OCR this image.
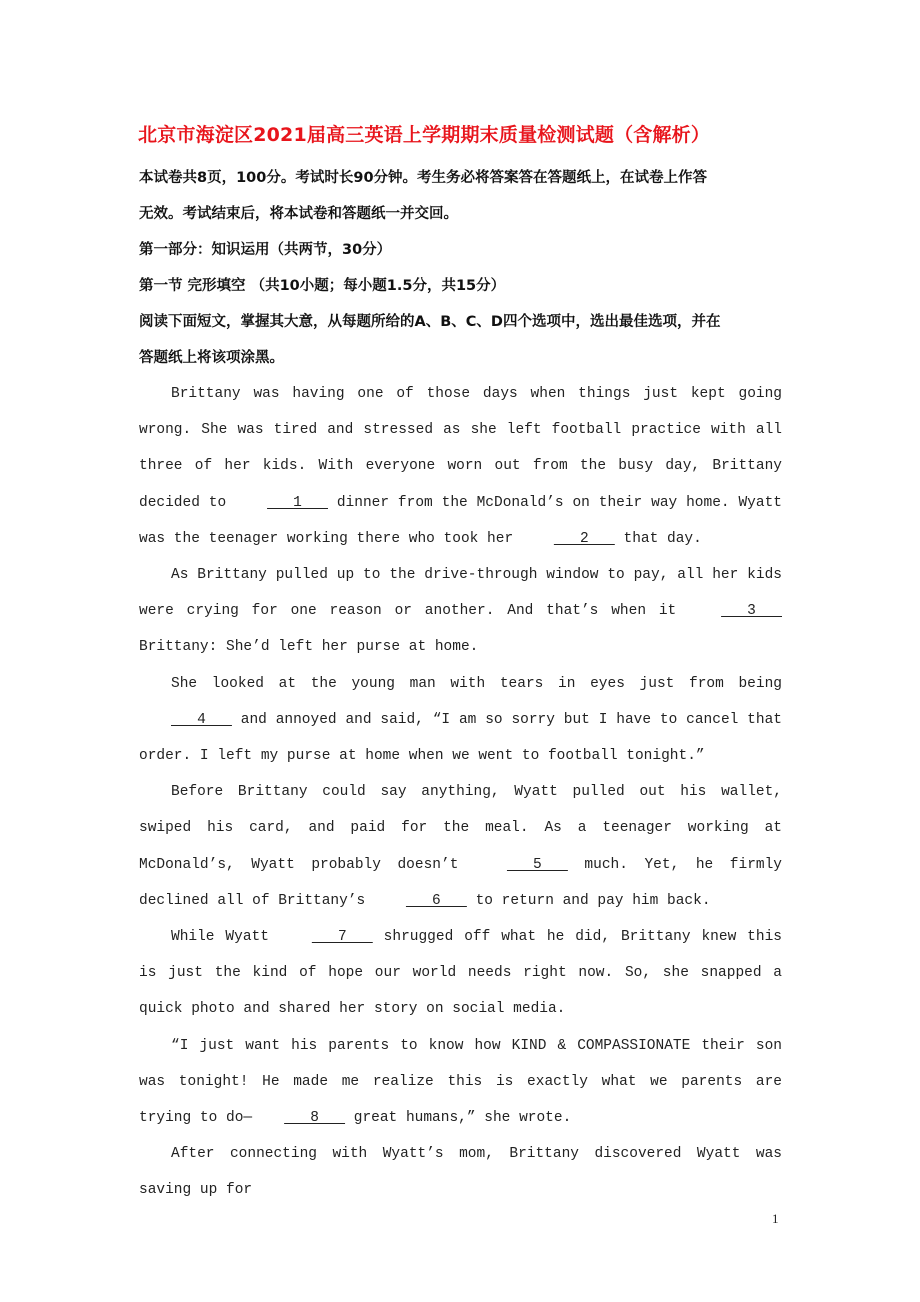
北京市海淀区2021届高三英语上学期期末质量检测试题（含解析）
本试卷共8页，100分。考试时长90分钟。考生务必将答案答在答题纸上，在试卷上作答
无效。考试结束后，将本试卷和答题纸一并交回。
第一部分：知识运用（共两节，30分）
第一节 完形填空 （共10小题；每小题1.5分，共15分）
阅读下面短文，掌握其大意，从每题所给的A、B、C、D四个选项中，选出最佳选项，并在
答题纸上将该项涂黑。

Brittany was having one of those days when things just kept going wrong. She was tired and stressed as she left football practice with all three of her kids. With everyone worn out from the busy day, Brittany decided to    1    dinner from the McDonald’s on their way home. Wyatt was the teenager working there who took her    2    that day.

As Brittany pulled up to the drive-through window to pay, all her kids were crying for one reason or another. And that’s when it    3    Brittany: She’d left her purse at home.

She looked at the young man with tears in eyes just from being    4    and annoyed and said, “I am so sorry but I have to cancel that order. I left my purse at home when we went to football tonight.”

Before Brittany could say anything, Wyatt pulled out his wallet, swiped his card, and paid for the meal. As a teenager working at McDonald’s, Wyatt probably doesn’t    5    much. Yet, he firmly declined all of Brittany’s    6    to return and pay him back.

While Wyatt    7    shrugged off what he did, Brittany knew this is just the kind of hope our world needs right now. So, she snapped a quick photo and shared her story on social media.

“I just want his parents to know how KIND & COMPASSIONATE their son was tonight! He made me realize this is exactly what we parents are trying to do—   8    great humans,” she wrote.

After connecting with Wyatt’s mom, Brittany discovered Wyatt was saving up for

1
